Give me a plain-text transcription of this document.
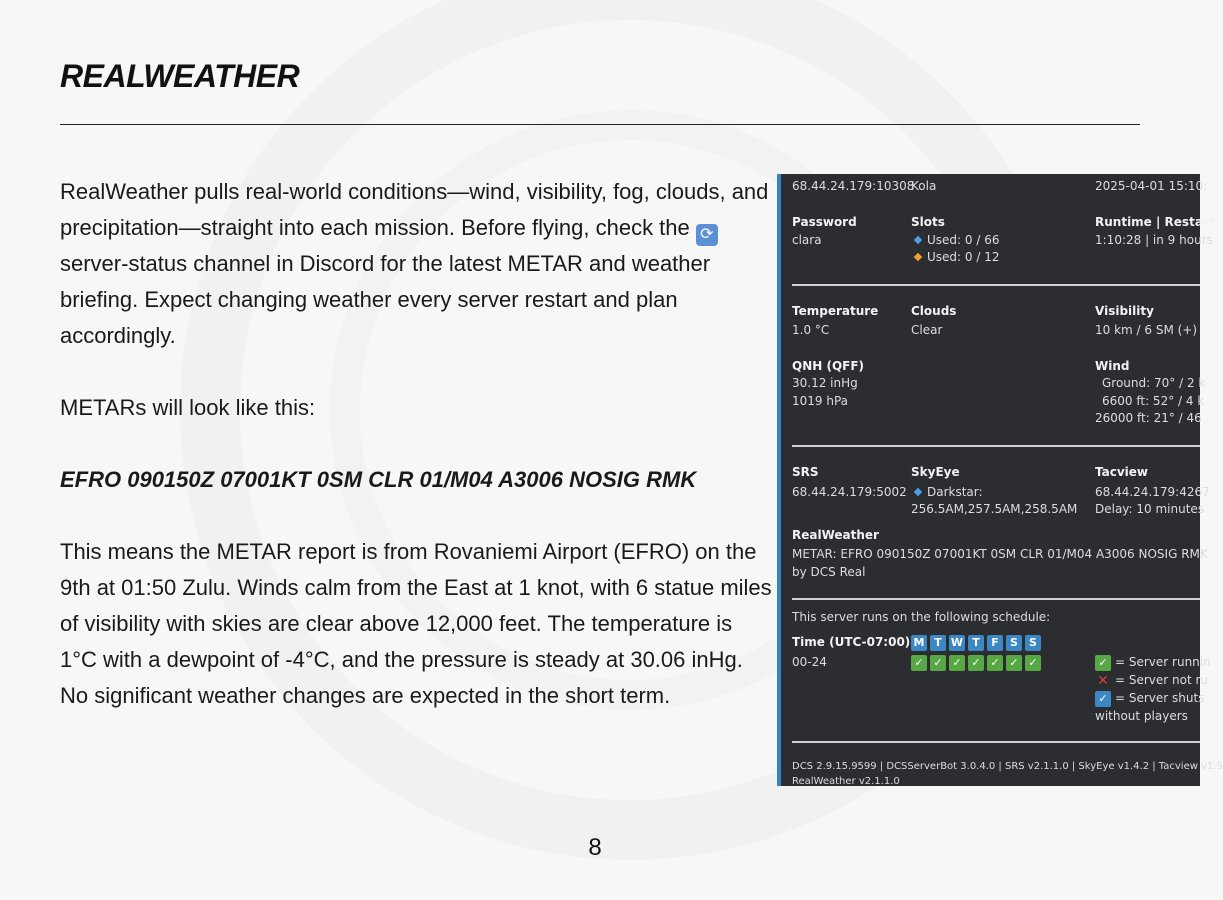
REALWEATHER

RealWeather pulls real-world conditions—wind, visibility, fog, clouds, and precipitation—straight into each mission. Before flying, check the ⟳server-status channel in Discord for the latest METAR and weather briefing. Expect changing weather every server restart and plan accordingly.

METARs will look like this:

EFRO 090150Z 07001KT 0SM CLR 01/M04 A3006 NOSIG RMK

This means the METAR report is from Rovaniemi Airport (EFRO) on the 9th at 01:50 Zulu. Winds calm from the East at 1 knot, with 6 statue miles of visibility with skies are clear above 12,000 feet. The temperature is 1°C with a dewpoint of -4°C, and the pressure is steady at 30.06 inHg. No significant weather changes are expected in the short term.

68.44.24.179:10308
Kola	2025-04-01 15:10:
Password
clara
Slots
Used: 0 / 66
Used: 0 / 12
Runtime | Restart
1:10:28 | in 9 hours
Temperature
1.0 °C
Clouds
Clear
Visibility
10 km / 6 SM (+)
QNH (QFF)
30.12 inHg
1019 hPa
Wind
Ground: 70° / 2 k
6600 ft: 52° / 4 k
26000 ft: 21° / 46
SRS
68.44.24.179:5002
SkyEye
Darkstar:
256.5AM,257.5AM,258.5AM
Tacview
68.44.24.179:4267
Delay: 10 minutes
RealWeather
METAR: EFRO 090150Z 07001KT 0SM CLR 01/M04 A3006 NOSIG RMK
by DCS Real
This server runs on the following schedule:
Time (UTC-07:00)
00-24
M T W T F S S
✓ ✓ ✓ ✓ ✓ ✓ ✓	✓ = Server runnin
✕ = Server not ru
✓ = Server shuts
without players
DCS 2.9.15.9599 | DCSServerBot 3.0.4.0 | SRS v2.1.1.0 | SkyEye v1.4.2 | Tacview v1.9
RealWeather v2.1.1.0
8
